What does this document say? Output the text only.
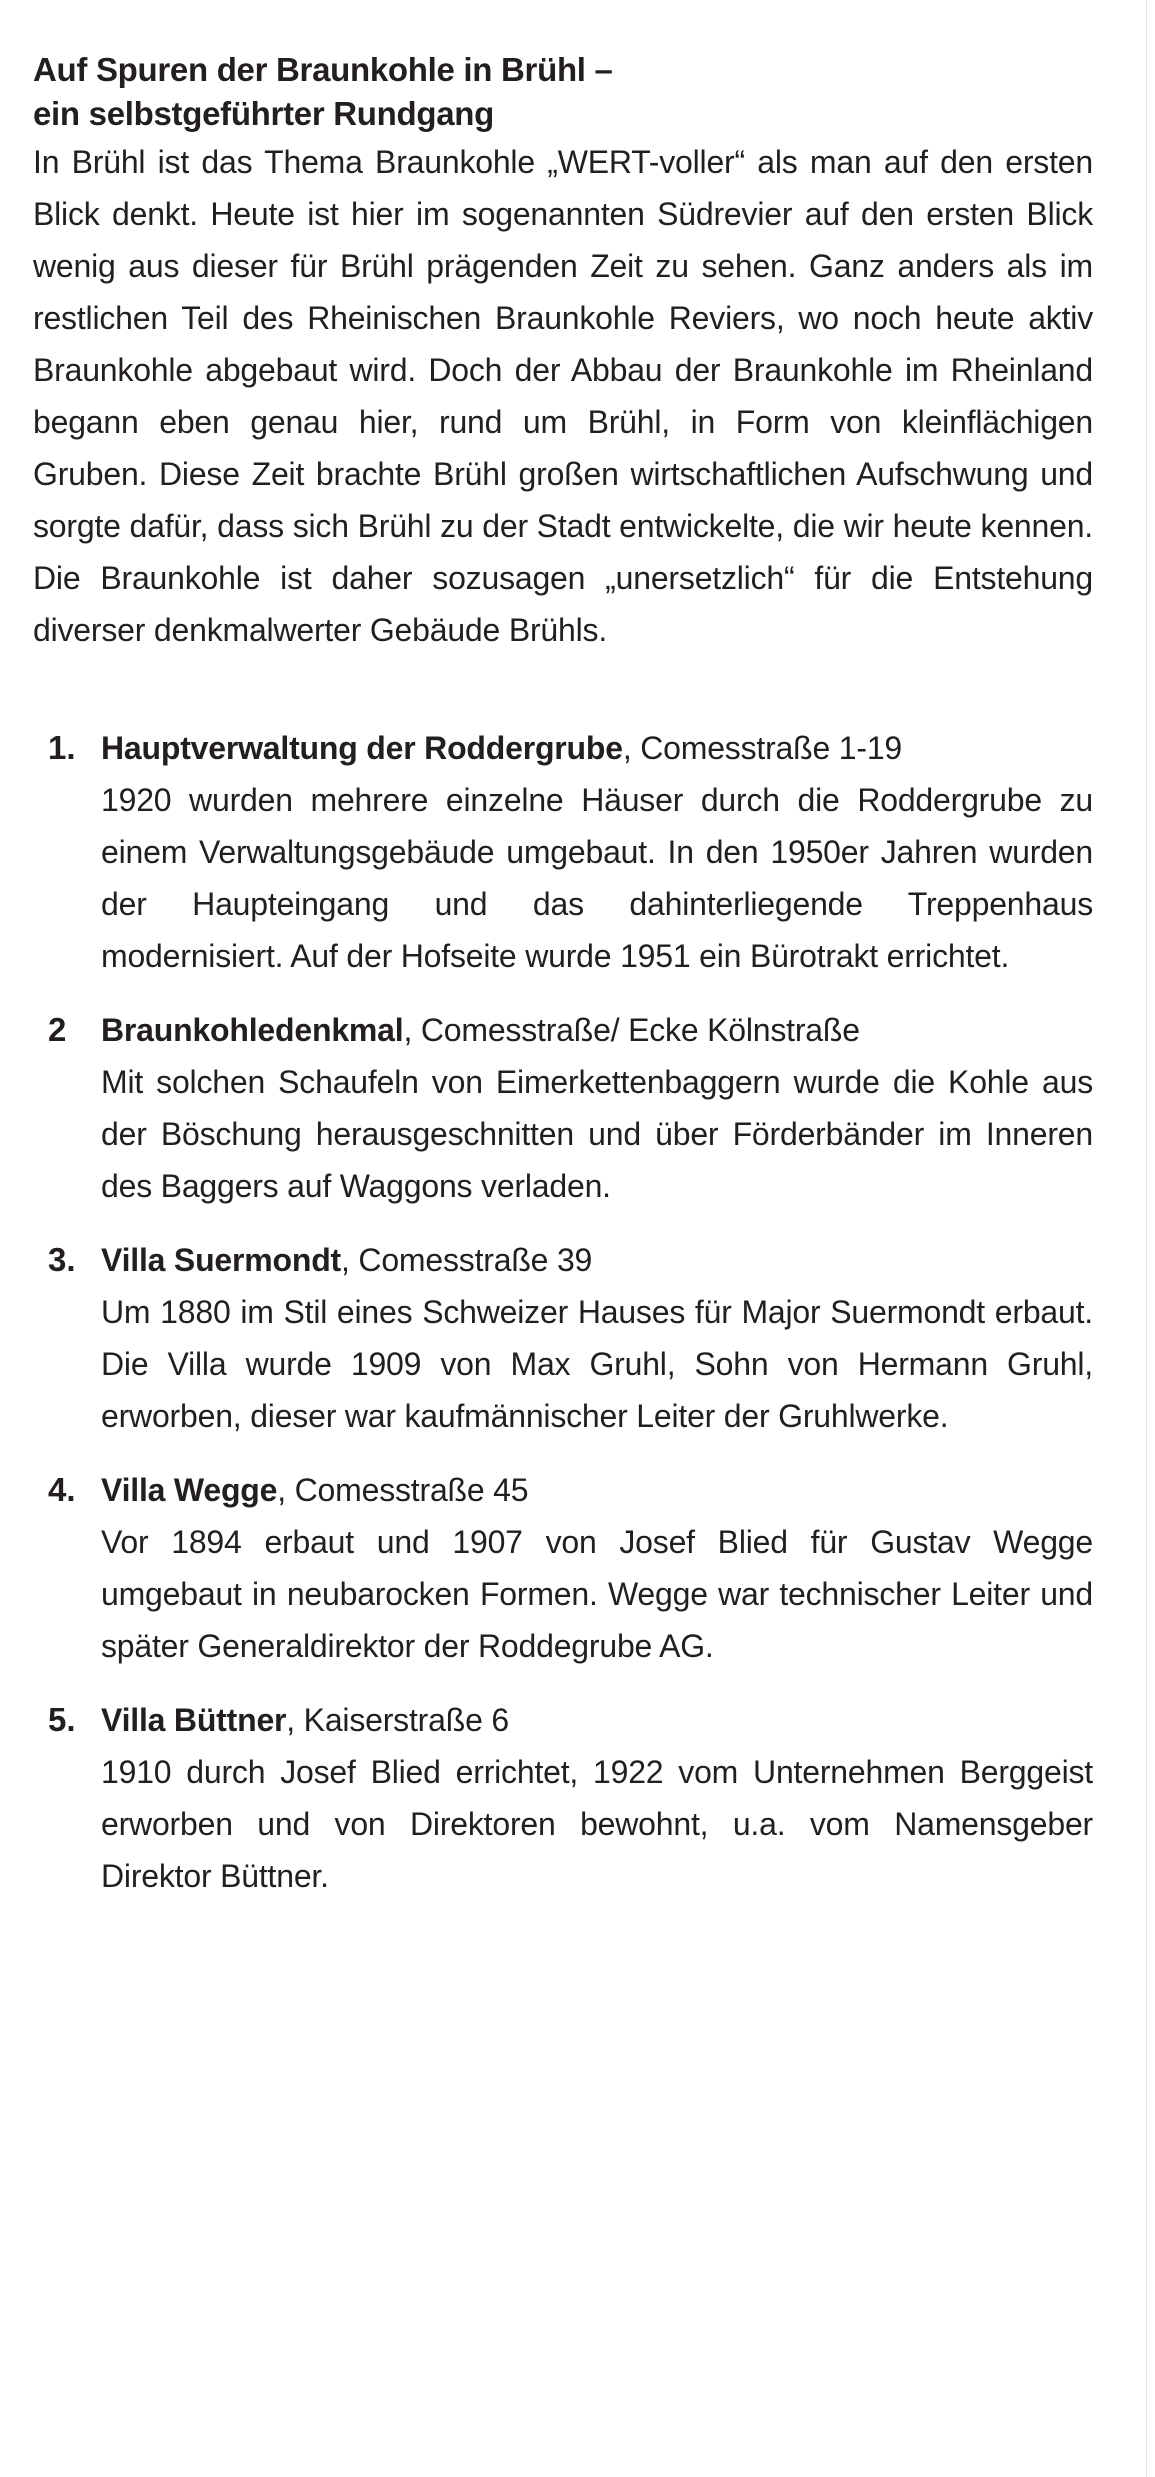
Auf Spuren der Braunkohle in Brühl –
ein selbstgeführter Rundgang

In Brühl ist das Thema Braunkohle „WERT-voller“ als man auf den ersten Blick denkt. Heute ist hier im sogenannten Südrevier auf den ersten Blick wenig aus dieser für Brühl prägenden Zeit zu sehen. Ganz anders als im restlichen Teil des Rheinischen Braunkohle Reviers, wo noch heute aktiv Braunkohle abgebaut wird. Doch der Abbau der Braunkohle im Rheinland begann eben genau hier, rund um Brühl, in Form von kleinflächigen Gruben. Diese Zeit brachte Brühl großen wirtschaftlichen Aufschwung und sorgte dafür, dass sich Brühl zu der Stadt entwickelte, die wir heute kennen. Die Braunkohle ist daher sozusagen „unersetzlich“ für die Entstehung diverser denkmalwerter Gebäude Brühls.

1. Hauptverwaltung der Roddergrube, Comesstraße 1-19

1920 wurden mehrere einzelne Häuser durch die Roddergrube zu einem Verwaltungsgebäude umgebaut. In den 1950er Jahren wurden der Haupteingang und das dahinterliegende Treppenhaus modernisiert. Auf der Hofseite wurde 1951 ein Bürotrakt errichtet.

2 Braunkohledenkmal, Comesstraße/ Ecke Kölnstraße

Mit solchen Schaufeln von Eimerkettenbaggern wurde die Kohle aus der Böschung herausgeschnitten und über Förderbänder im Inneren des Baggers auf Waggons verladen.

3. Villa Suermondt, Comesstraße 39

Um 1880 im Stil eines Schweizer Hauses für Major Suermondt erbaut. Die Villa wurde 1909 von Max Gruhl, Sohn von Hermann Gruhl, erworben, dieser war kaufmännischer Leiter der Gruhlwerke.

4. Villa Wegge, Comesstraße 45

Vor 1894 erbaut und 1907 von Josef Blied für Gustav Wegge umgebaut in neubarocken Formen. Wegge war technischer Leiter und später Generaldirektor der Roddegrube AG.

5. Villa Büttner, Kaiserstraße 6

1910 durch Josef Blied errichtet, 1922 vom Unternehmen Berggeist erworben und von Direktoren bewohnt, u.a. vom Namensgeber Direktor Büttner.
